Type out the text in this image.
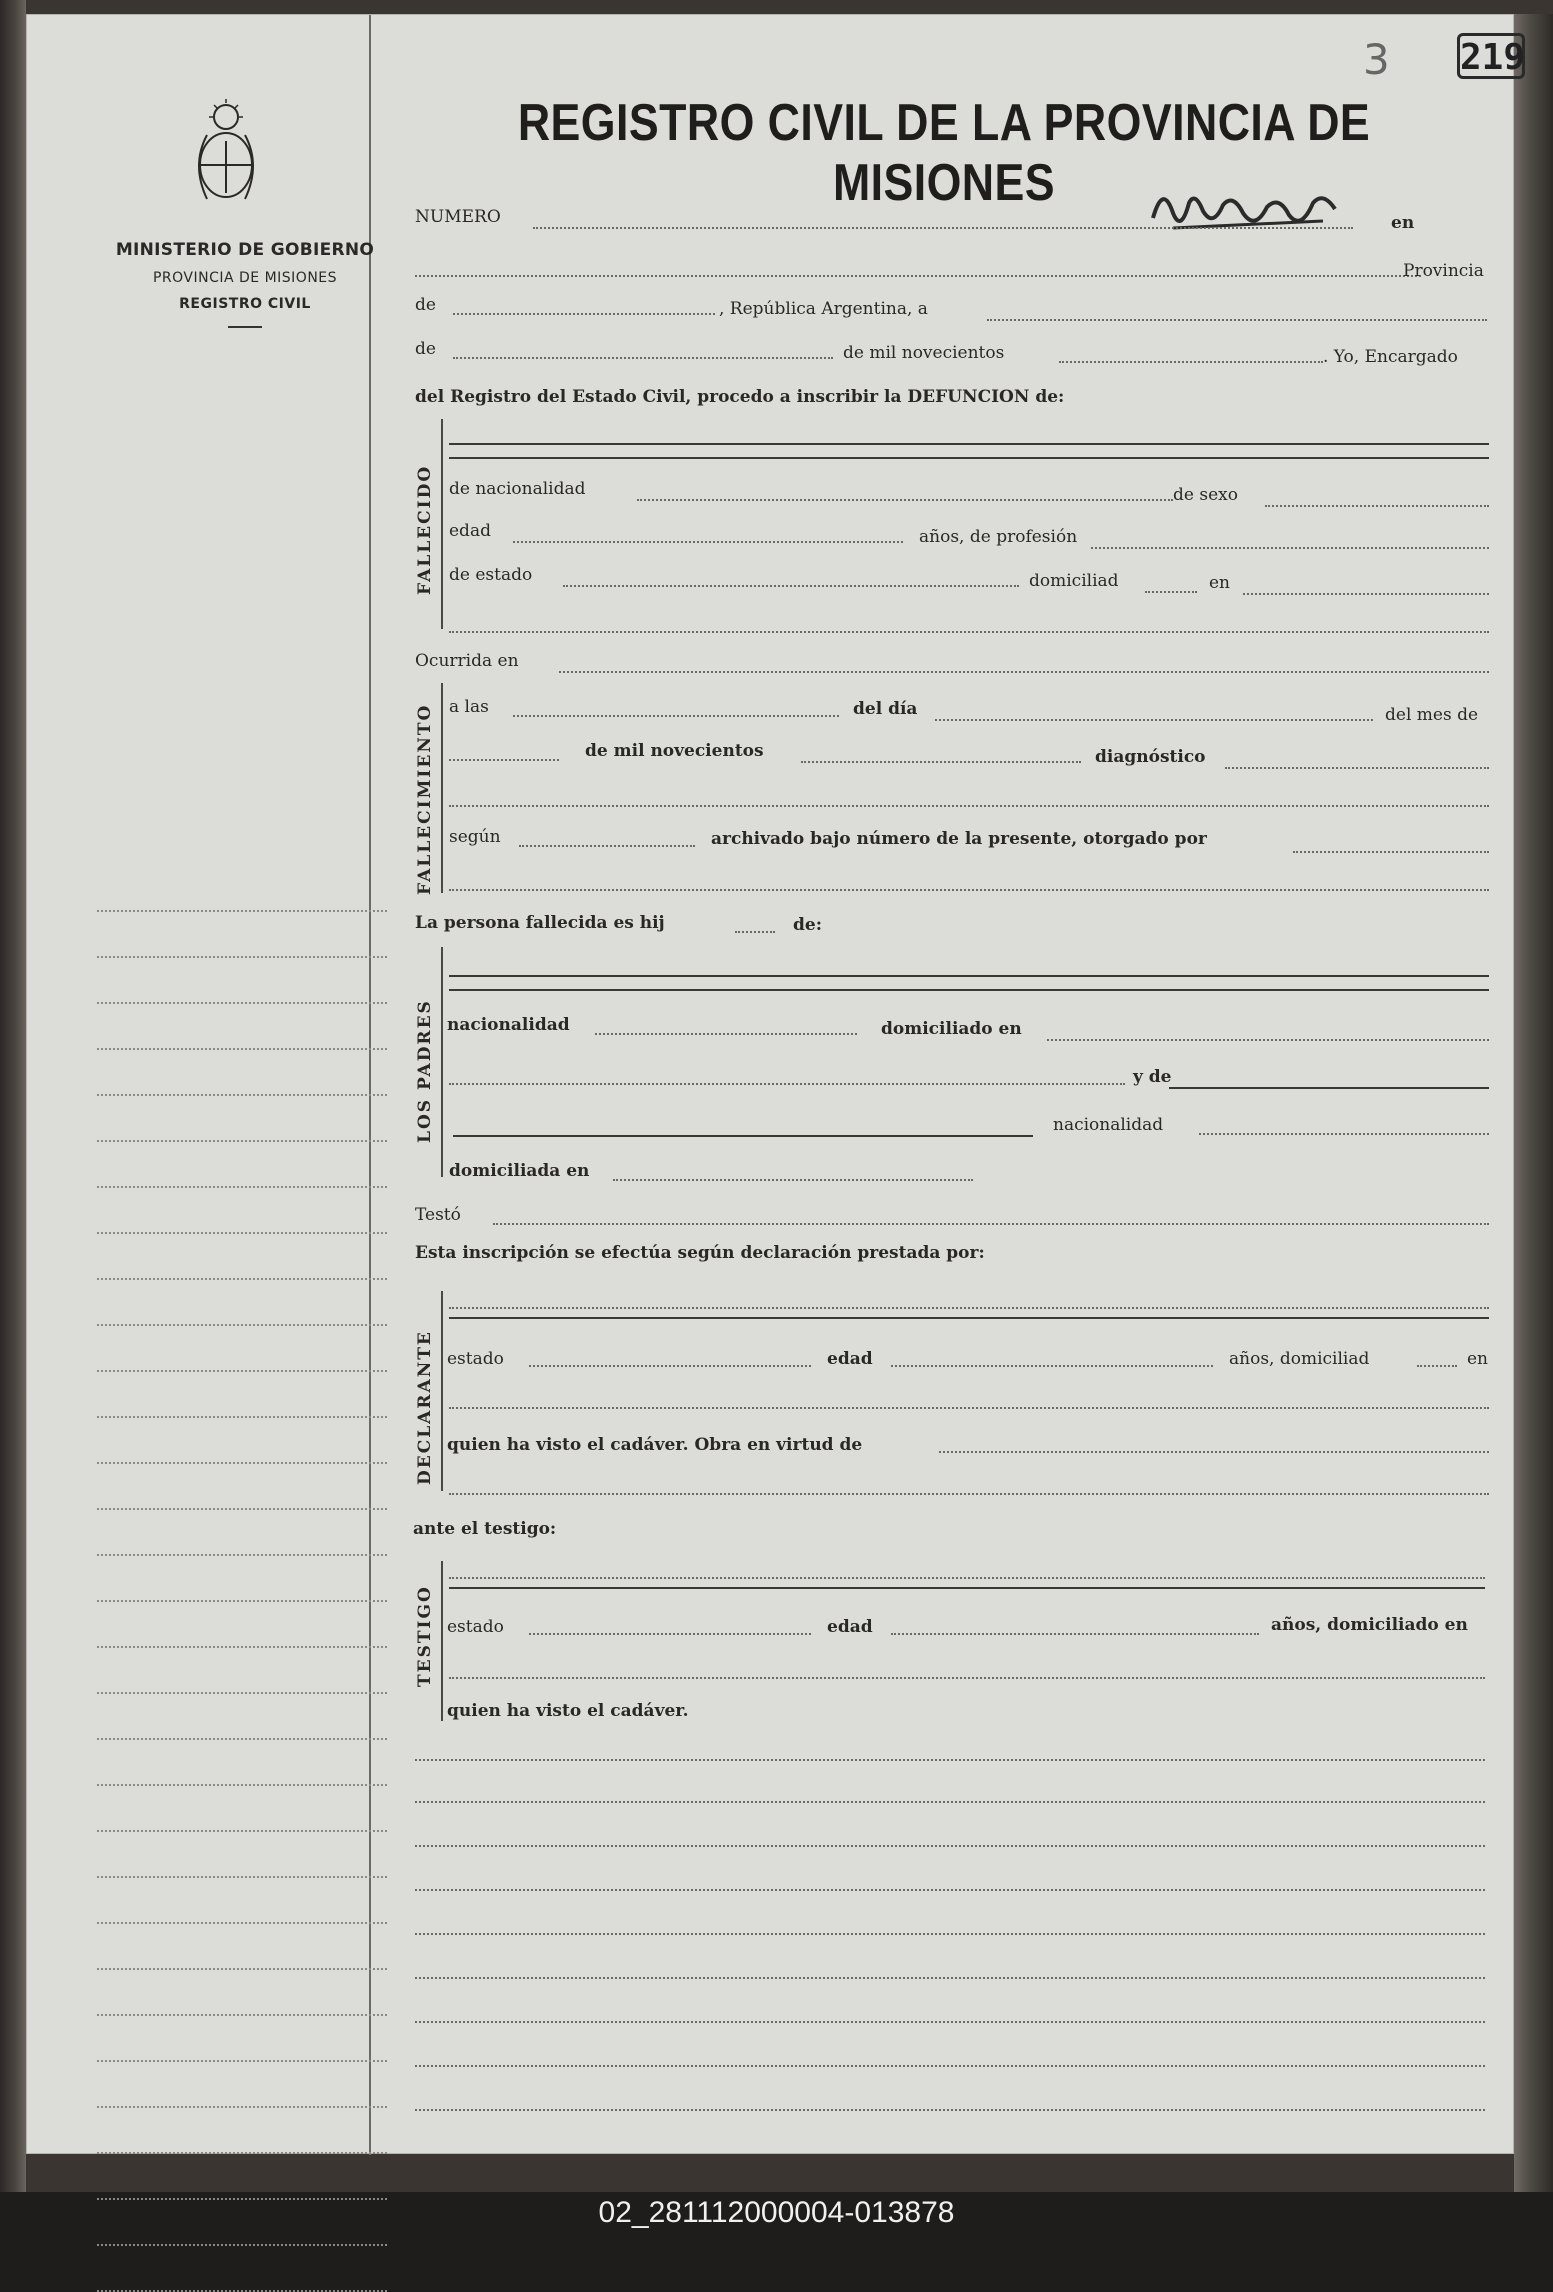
MINISTERIO DE GOBIERNO
PROVINCIA DE MISIONES
REGISTRO CIVIL
3 219
REGISTRO CIVIL DE LA PROVINCIA DE MISIONES
NUMERO	en
Provincia
de	, República Argentina, a
de	de mil novecientos	. Yo, Encargado
del Registro del Estado Civil, procedo a inscribir la DEFUNCION de:
FALLECIDO de nacionalidad	de sexo
edad	años, de profesión
de estado	domiciliad	en
Ocurrida en
FALLECIMIENTO a las	del día	del mes de
de mil novecientos	diagnóstico
según	archivado bajo número de la presente, otorgado por
La persona fallecida es hij	de:
LOS PADRES nacionalidad	domiciliado en
y de
nacionalidad
domiciliada en
Testó
Esta inscripción se efectúa según declaración prestada por:
DECLARANTE estado	edad	años, domiciliad	en
quien ha visto el cadáver. Obra en virtud de
ante el testigo:
TESTIGO estado	edad	años, domiciliado en
quien ha visto el cadáver.
02_281112000004-013878
